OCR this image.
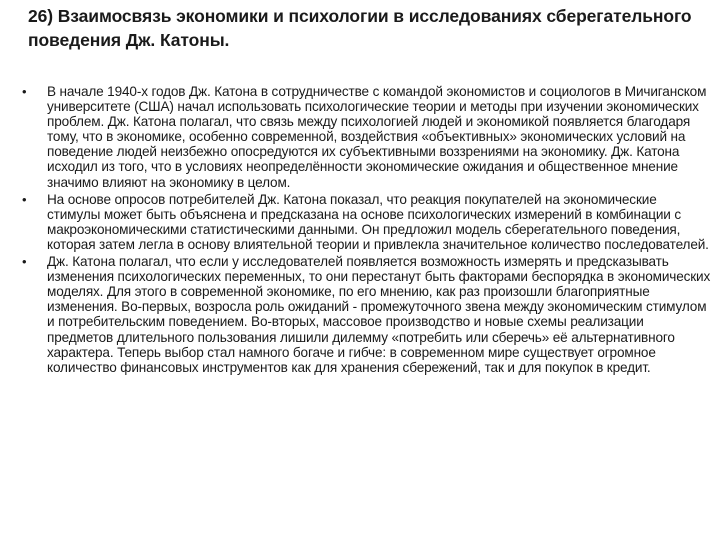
26) Взаимосвязь экономики и психологии в исследованиях сберегательного поведения Дж. Катоны.
•	В начале 1940-х годов Дж. Катона в сотрудничестве с командой экономистов и социологов в Мичиганском университете (США) начал использовать психологические теории и методы при изучении экономических проблем. Дж. Катона полагал, что связь между психологией людей и экономикой появляется благодаря тому, что в экономике, особенно современной, воздействия «объективных» экономических условий на поведение людей неизбежно опосредуются их субъективными воззрениями на экономику. Дж. Катона исходил из того, что в условиях неопределённости экономические ожидания и общественное мнение значимо влияют на экономику в целом.
•	На основе опросов потребителей Дж. Катона показал, что реакция покупателей на экономические стимулы может быть объяснена и предсказана на основе психологических измерений в комбинации с макроэкономическими статистическими данными. Он предложил модель сберегательного поведения, которая затем легла в основу влиятельной теории и привлекла значительное количество последователей.
•	Дж. Катона полагал, что если у исследователей появляется возможность измерять и предсказывать изменения психологических переменных, то они перестанут быть факторами беспорядка в экономических моделях. Для этого в современной экономике, по его мнению, как раз произошли благоприятные изменения. Во-первых, возросла роль ожиданий - промежуточного звена между экономическим стимулом и потребительским поведением. Во-вторых, массовое производство и новые схемы реализации предметов длительного пользования лишили дилемму «потребить или сберечь» её альтернативного характера. Теперь выбор стал намного богаче и гибче: в современном мире существует огромное количество финансовых инструментов как для хранения сбережений, так и для покупок в кредит.
